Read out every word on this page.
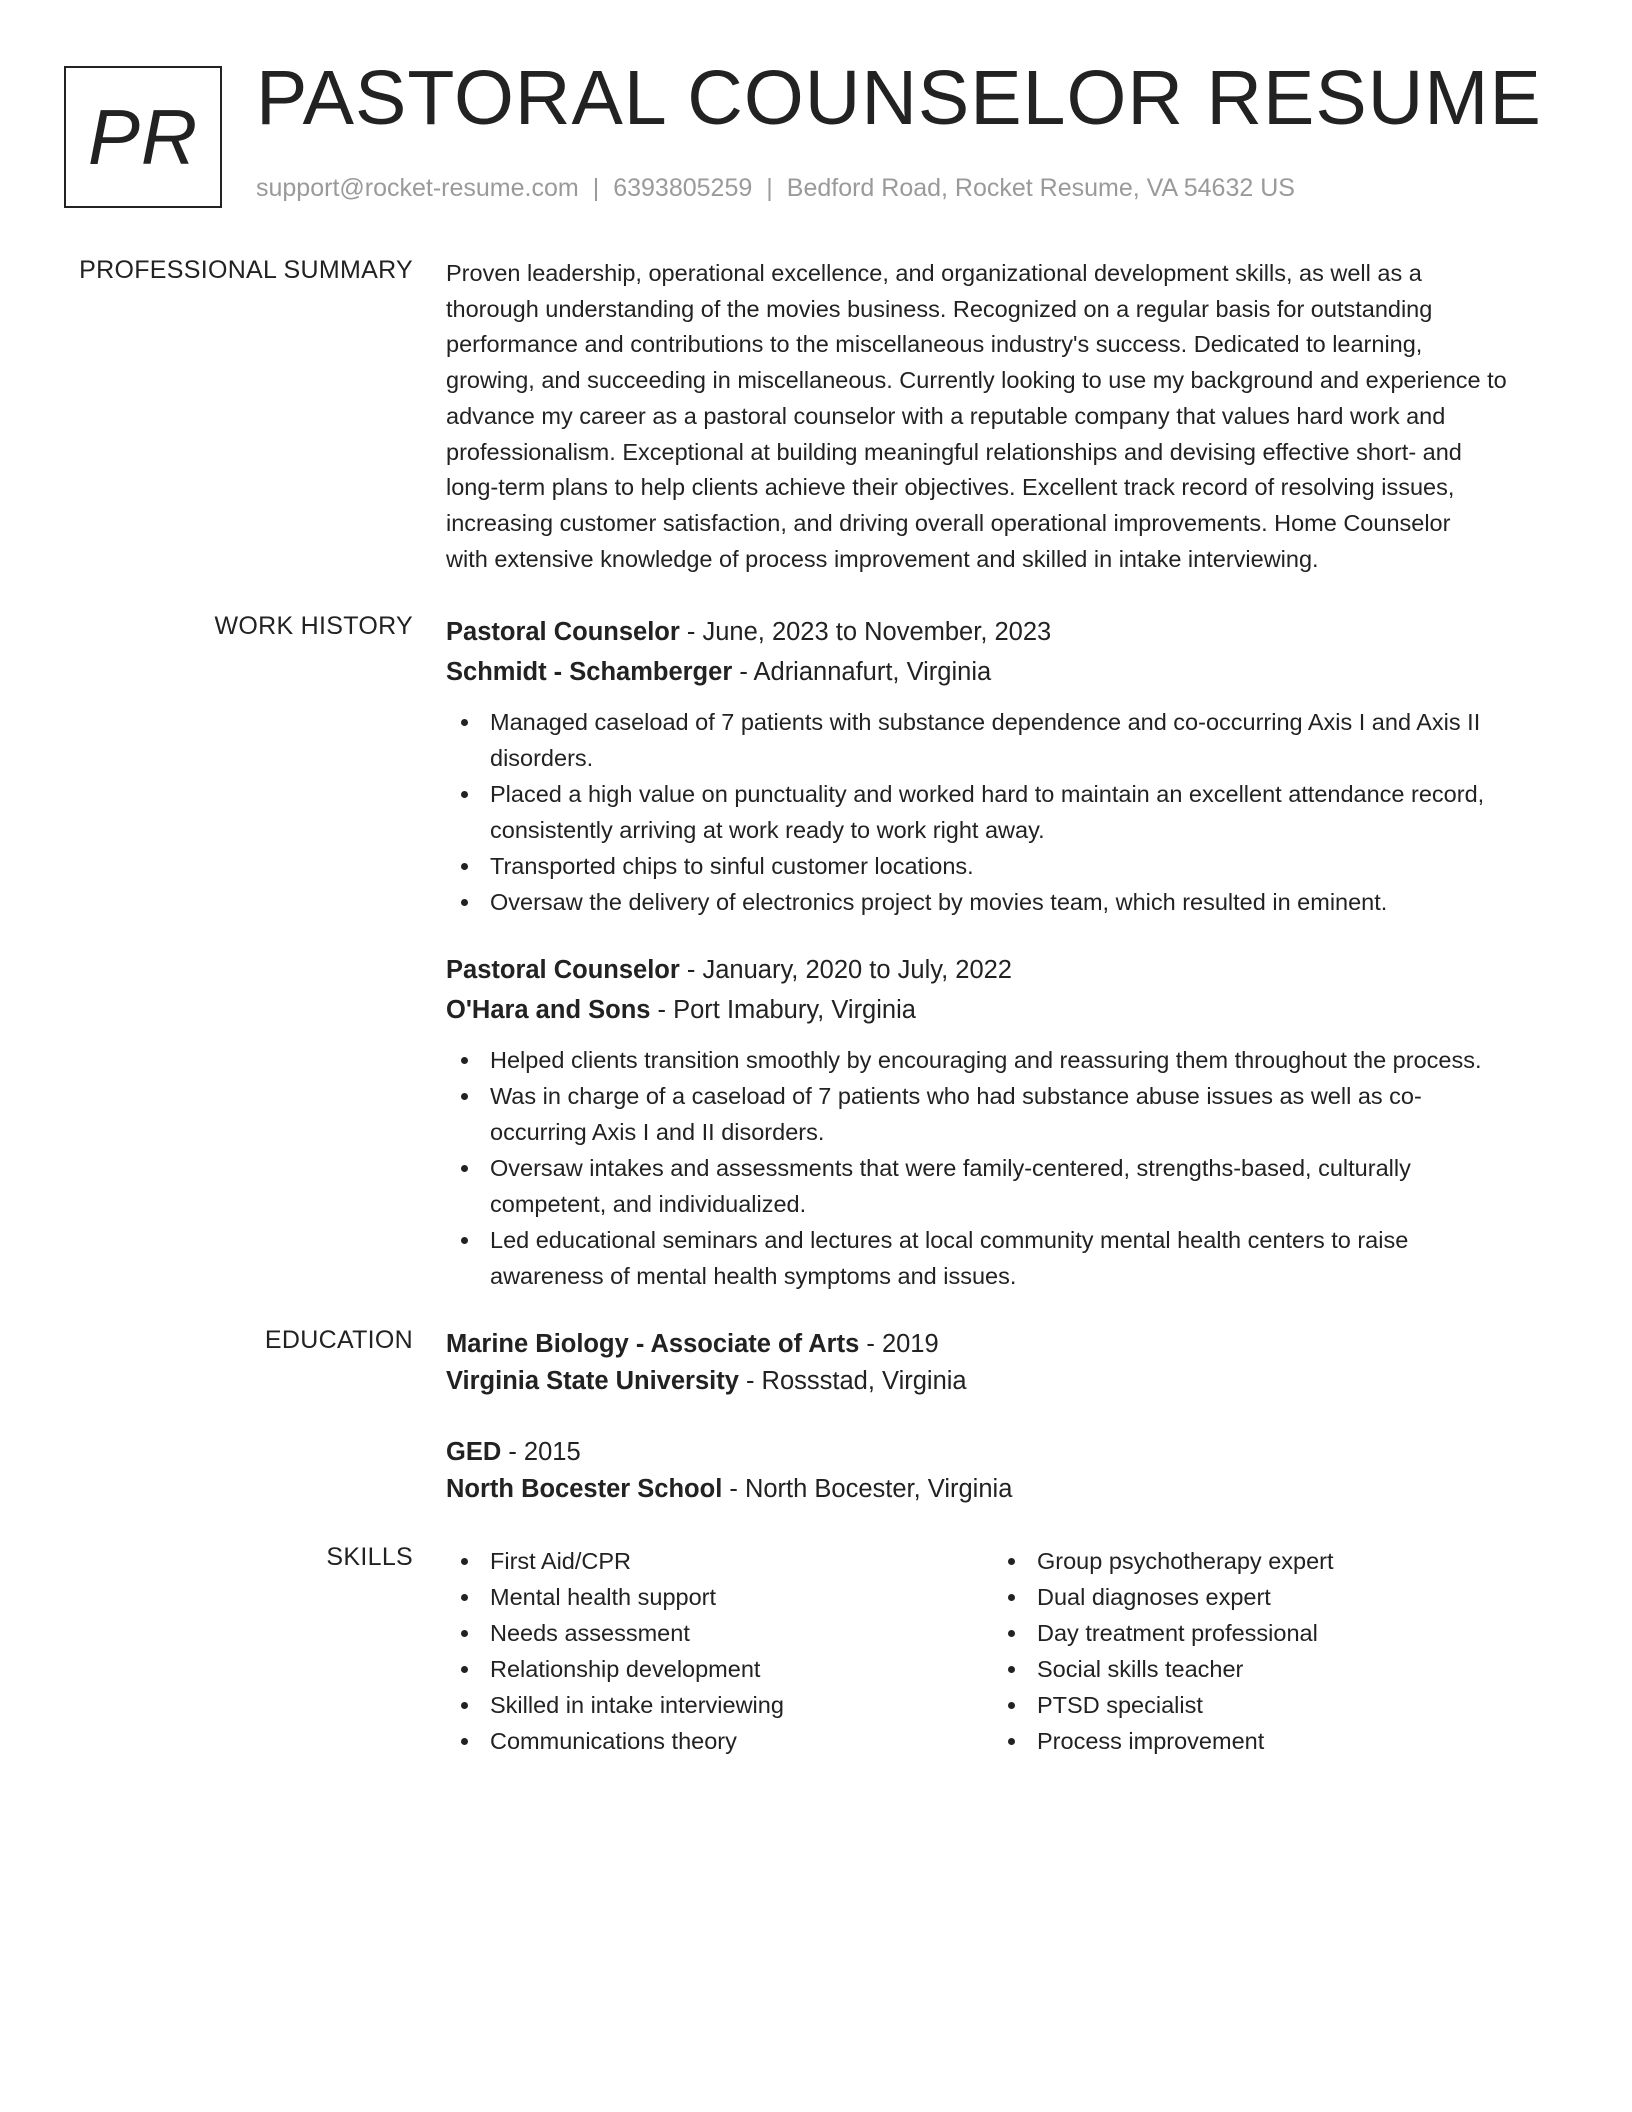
PR PASTORAL COUNSELOR RESUME
support@rocket-resume.com | 6393805259 | Bedford Road, Rocket Resume, VA 54632 US
PROFESSIONAL SUMMARY Proven leadership, operational excellence, and organizational development skills, as well as a
thorough understanding of the movies business. Recognized on a regular basis for outstanding
performance and contributions to the miscellaneous industry's success. Dedicated to learning,
growing, and succeeding in miscellaneous. Currently looking to use my background and experience to
advance my career as a pastoral counselor with a reputable company that values hard work and
professionalism. Exceptional at building meaningful relationships and devising effective short- and
long-term plans to help clients achieve their objectives. Excellent track record of resolving issues,
increasing customer satisfaction, and driving overall operational improvements. Home Counselor
with extensive knowledge of process improvement and skilled in intake interviewing.
WORK HISTORY Pastoral Counselor - June, 2023 to November, 2023
Schmidt - Schamberger - Adriannafurt, Virginia
Managed caseload of 7 patients with substance dependence and co-occurring Axis I and Axis II
disorders.
Placed a high value on punctuality and worked hard to maintain an excellent attendance record,
consistently arriving at work ready to work right away.
Transported chips to sinful customer locations.
Oversaw the delivery of electronics project by movies team, which resulted in eminent.
Pastoral Counselor - January, 2020 to July, 2022
O'Hara and Sons - Port Imabury, Virginia
Helped clients transition smoothly by encouraging and reassuring them throughout the process.
Was in charge of a caseload of 7 patients who had substance abuse issues as well as co-
occurring Axis I and II disorders.
Oversaw intakes and assessments that were family-centered, strengths-based, culturally
competent, and individualized.
Led educational seminars and lectures at local community mental health centers to raise
awareness of mental health symptoms and issues.
EDUCATION Marine Biology - Associate of Arts - 2019
Virginia State University - Rossstad, Virginia
GED - 2015
North Bocester School - North Bocester, Virginia
SKILLS	First Aid/CPR
Mental health support
Needs assessment
Relationship development
Skilled in intake interviewing
Communications theory
Group psychotherapy expert
Dual diagnoses expert
Day treatment professional
Social skills teacher
PTSD specialist
Process improvement
